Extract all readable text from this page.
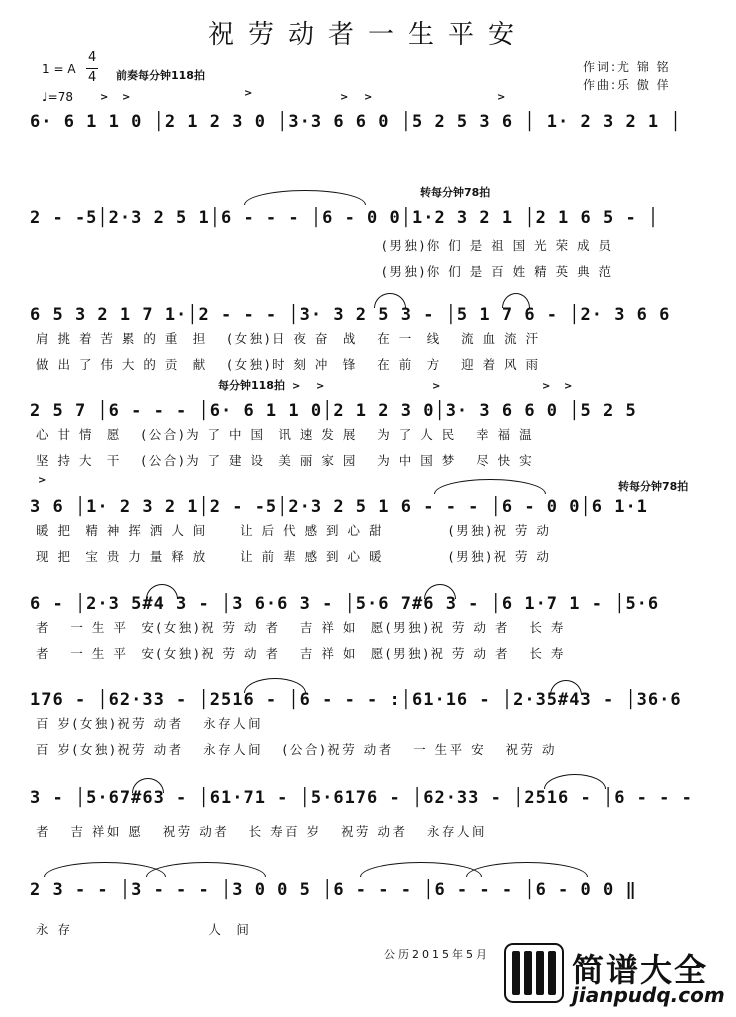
祝劳动者一生平安
1 = A
4
4 前奏每分钟118拍
♩=78
作词:尤 锦 铭
作曲:乐 傲 佯
6· 6 1 1 0 │2 1 2 3 0 │3·3 6 6 0 │5 2 5 3 6 │ 1· 2 3 2 1 │
> >	>	> >	>
转每分钟78拍
2 - -5│2·3 2 5 1│6 - - - │6 - 0 0│1·2 3 2 1 │2 1 6 5 - │
(男独)你 们 是 祖 国 光 荣 成 员
(男独)你 们 是 百 姓 精 英 典 范
6 5 3 2 1 7 1·│2 - - - │3· 3 2 5 3 - │5 1 7 6 - │2· 3 6 6
肩 挑 着 苦 累 的 重  担   (女独)日 夜 奋  战   在 一  线   流 血 流 汗
做 出 了 伟 大 的 贡  献   (女独)时 刻 冲  锋   在 前  方   迎 着 风 雨
每分钟118拍
2 5 7 │6 - - - │6· 6 1 1 0│2 1 2 3 0│3· 3 6 6 0 │5 2 5
> >	>	> >
心 甘 情  愿   (公合)为 了 中 国  讯 速 发 展   为 了 人 民   幸 福 温
坚 持 大  干   (公合)为 了 建 设  美 丽 家 园   为 中 国 梦   尽 快 实
转每分钟78拍
3 6 │1· 2 3 2 1│2 - -5│2·3 2 5 1 6 - - - │6 - 0 0│6 1·1
>
暖 把  精 神 挥 洒 人 间     让 后 代 感 到 心 甜          (男独)祝 劳 动
现 把  宝 贵 力 量 释 放     让 前 辈 感 到 心 暖          (男独)祝 劳 动
6 - │2·3 5#4 3 - │3 6·6 3 - │5·6 7#6 3 - │6 1·7 1 - │5·6
者   一 生 平  安(女独)祝 劳 动 者   吉 祥 如  愿(男独)祝 劳 动 者   长 寿
者   一 生 平  安(女独)祝 劳 动 者   吉 祥 如  愿(男独)祝 劳 动 者   长 寿
176 - │62·33 - │2516 - │6 - - - :│61·16 - │2·35#43 - │36·6
百 岁(女独)祝劳 动者   永存人间
百 岁(女独)祝劳 动者   永存人间   (公合)祝劳 动者   一 生平 安   祝劳 动
3 - │5·67#63 - │61·71 - │5·6176 - │62·33 - │2516 - │6 - - -
者   吉 祥如 愿   祝劳 动者   长 寿百 岁   祝劳 动者   永存人间
2 3 - - │3 - - - │3 0 0 5 │6 - - - │6 - - - │6 - 0 0 ‖
永 存                     人  间
公历2015年5月	简谱大全
jianpudq.com
